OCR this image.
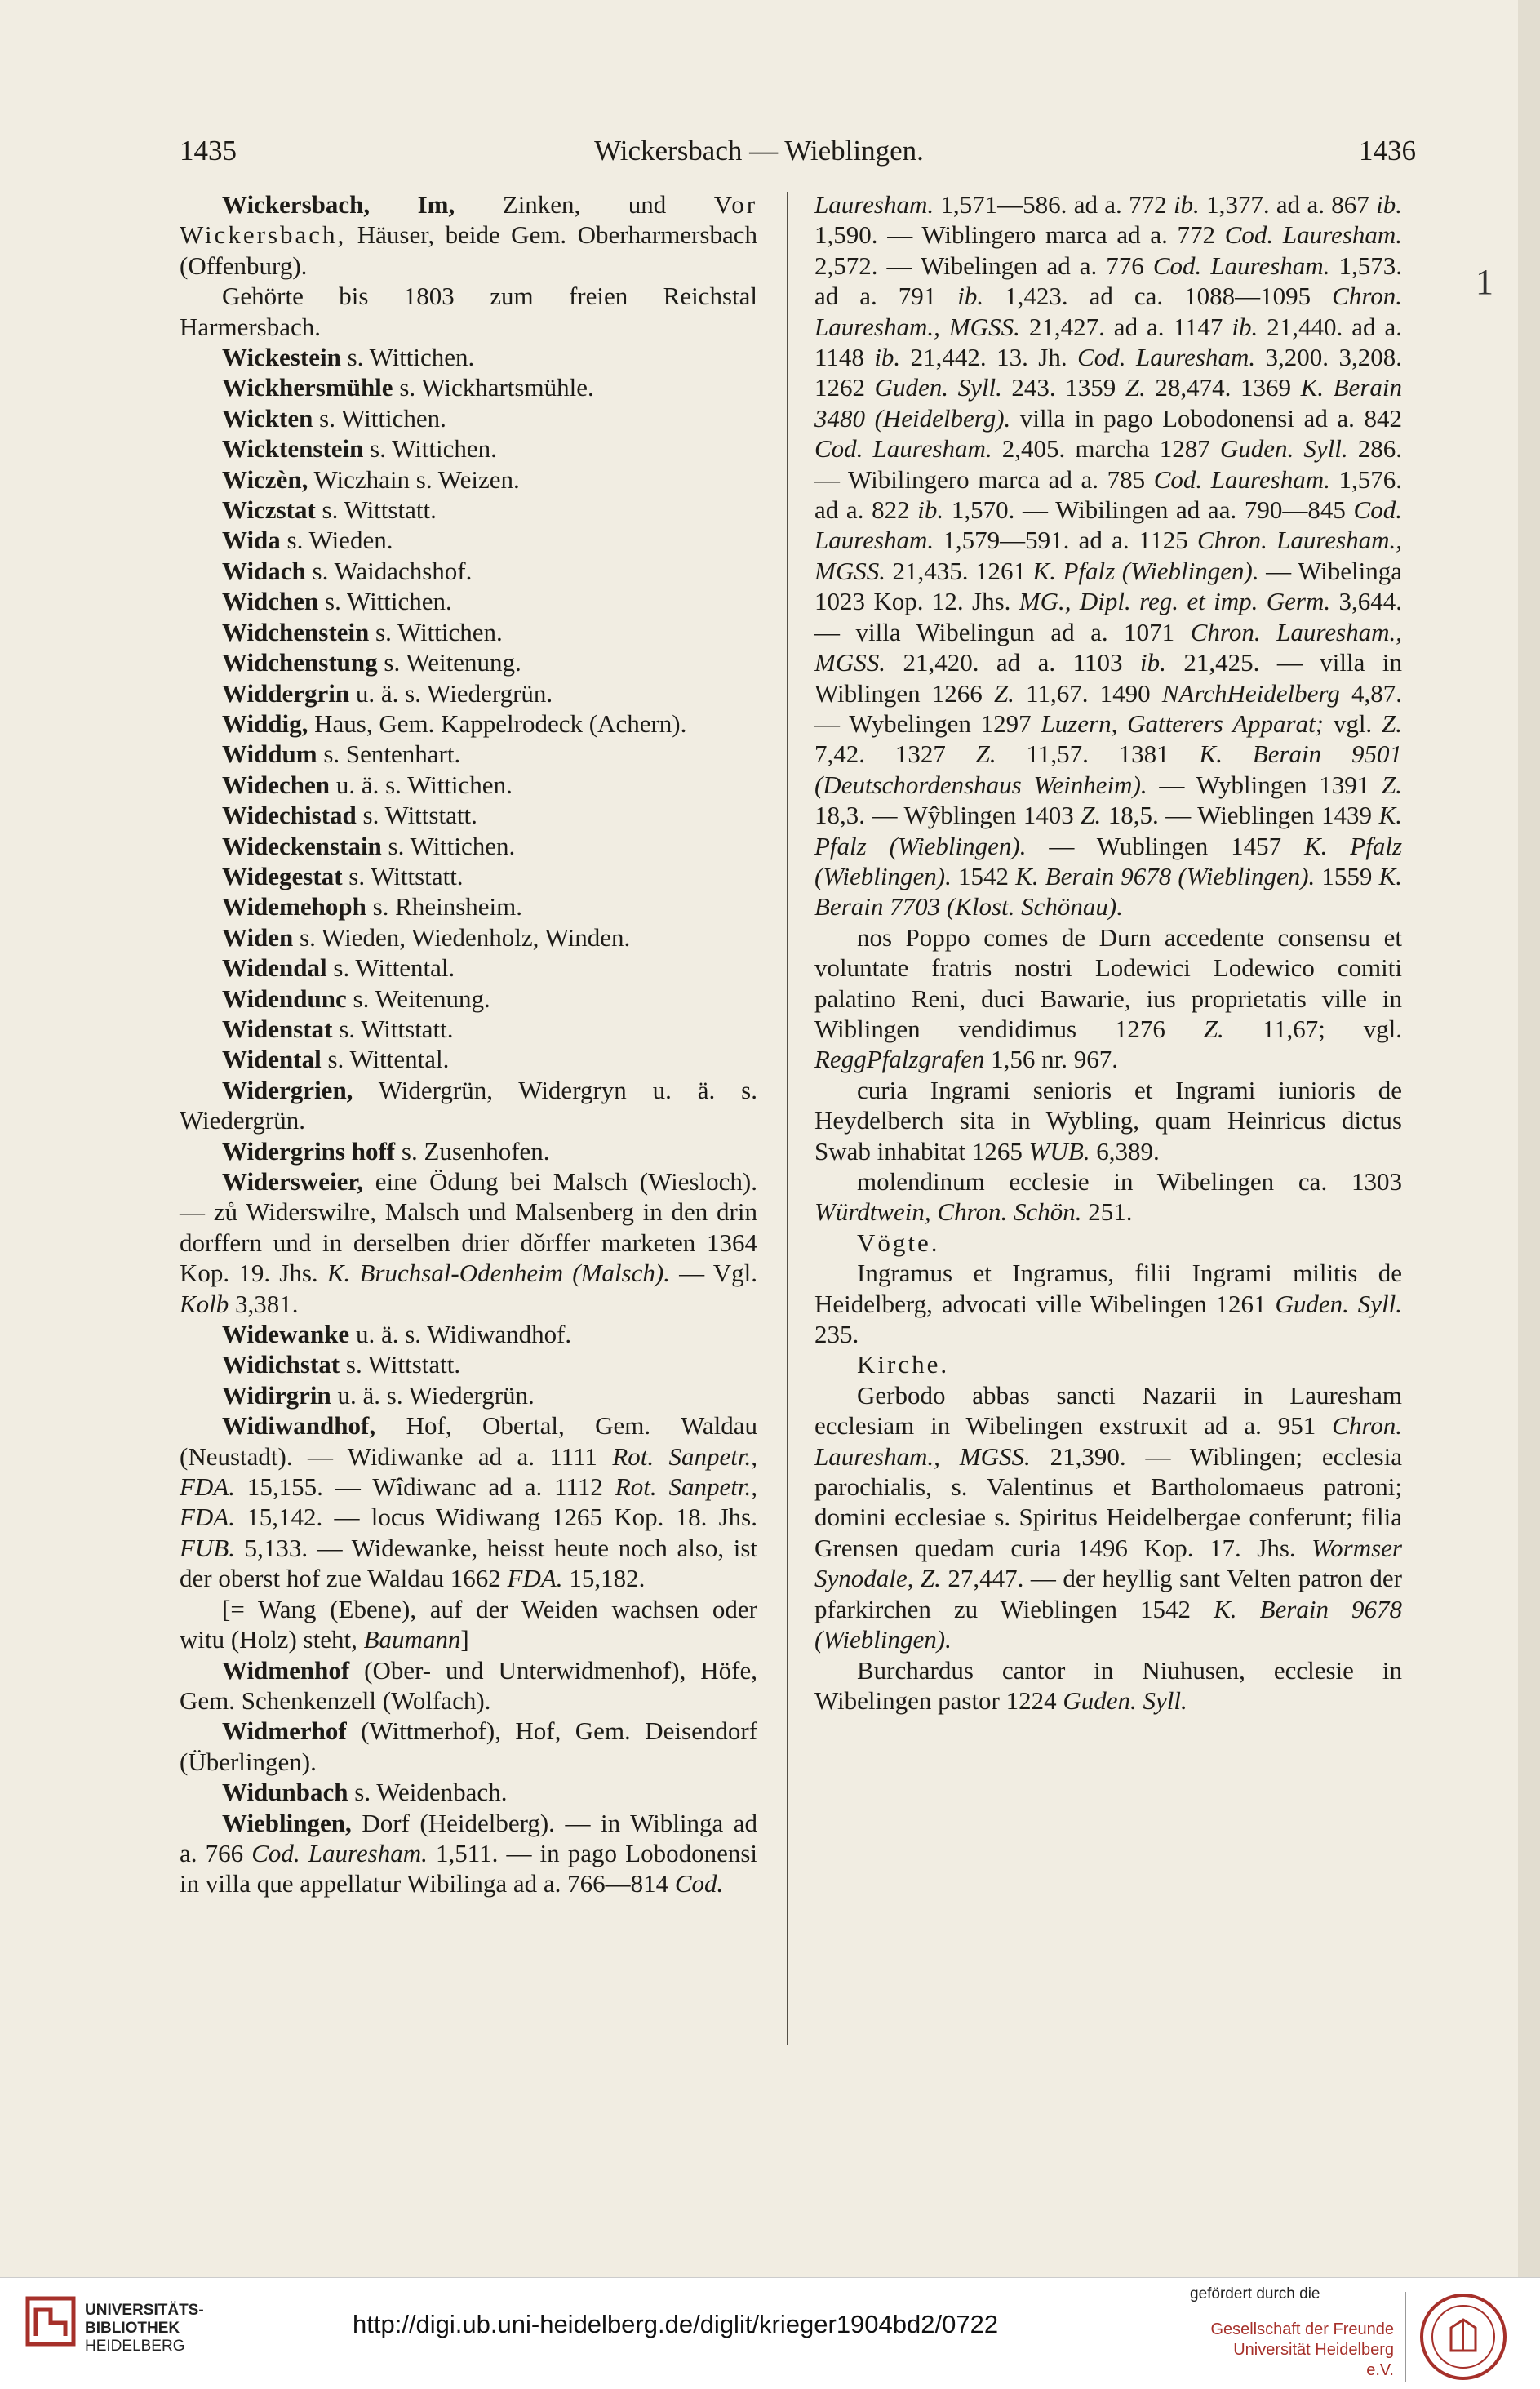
1435	Wickersbach — Wieblingen.	1436

Wickersbach, Im, Zinken, und Vor Wickersbach, Häuser, beide Gem. Oberharmersbach (Offenburg).

Gehörte bis 1803 zum freien Reichstal Harmersbach.

Wickestein s. Wittichen.

Wickhersmühle s. Wickhartsmühle.

Wickten s. Wittichen.

Wicktenstein s. Wittichen.

Wiczèn, Wiczhain s. Weizen.

Wiczstat s. Wittstatt.

Wida s. Wieden.

Widach s. Waidachshof.

Widchen s. Wittichen.

Widchenstein s. Wittichen.

Widchenstung s. Weitenung.

Widdergrin u. ä. s. Wiedergrün.

Widdig, Haus, Gem. Kappelrodeck (Achern).

Widdum s. Sentenhart.

Widechen u. ä. s. Wittichen.

Widechistad s. Wittstatt.

Wideckenstain s. Wittichen.

Widegestat s. Wittstatt.

Widemehoph s. Rheinsheim.

Widen s. Wieden, Wiedenholz, Winden.

Widendal s. Wittental.

Widendunc s. Weitenung.

Widenstat s. Wittstatt.

Widental s. Wittental.

Widergrien, Widergrün, Widergryn u. ä. s. Wiedergrün.

Widergrins hoff s. Zusenhofen.

Widersweier, eine Ödung bei Malsch (Wiesloch). — zů Widerswilre, Malsch und Malsenberg in den drin dorffern und in derselben drier dǒrffer marketen 1364 Kop. 19. Jhs. K. Bruchsal-Odenheim (Malsch). — Vgl. Kolb 3,381.

Widewanke u. ä. s. Widiwandhof.

Widichstat s. Wittstatt.

Widirgrin u. ä. s. Wiedergrün.

Widiwandhof, Hof, Obertal, Gem. Waldau (Neustadt). — Widiwanke ad a. 1111 Rot. Sanpetr., FDA. 15,155. — Wîdiwanc ad a. 1112 Rot. Sanpetr., FDA. 15,142. — locus Widiwang 1265 Kop. 18. Jhs. FUB. 5,133. — Widewanke, heisst heute noch also, ist der oberst hof zue Waldau 1662 FDA. 15,182.

[= Wang (Ebene), auf der Weiden wachsen oder witu (Holz) steht, Baumann]

Widmenhof (Ober- und Unterwidmenhof), Höfe, Gem. Schenkenzell (Wolfach).

Widmerhof (Wittmerhof), Hof, Gem. Deisendorf (Überlingen).

Widunbach s. Weidenbach.

Wieblingen, Dorf (Heidelberg). — in Wiblinga ad a. 766 Cod. Laureshаm. 1,511. — in pago Lobodonensi in villa que appellatur Wibilinga ad a. 766—814 Cod.

Laureshаm. 1,571—586. ad a. 772 ib. 1,377. ad a. 867 ib. 1,590. — Wiblingero marca ad a. 772 Cod. Laureshаm. 2,572. — Wibelingen ad a. 776 Cod. Laureshаm. 1,573. ad a. 791 ib. 1,423. ad ca. 1088—1095 Chron. Laureshаm., MGSS. 21,427. ad a. 1147 ib. 21,440. ad a. 1148 ib. 21,442. 13. Jh. Cod. Laureshаm. 3,200. 3,208. 1262 Guden. Syll. 243. 1359 Z. 28,474. 1369 K. Berain 3480 (Heidelberg). villa in pago Lobodonensi ad a. 842 Cod. Laureshаm. 2,405. marcha 1287 Guden. Syll. 286. — Wibilingero marca ad a. 785 Cod. Laureshаm. 1,576. ad a. 822 ib. 1,570. — Wibilingen ad aa. 790—845 Cod. Laureshаm. 1,579—591. ad a. 1125 Chron. Laureshаm., MGSS. 21,435. 1261 K. Pfalz (Wieblingen). — Wibelinga 1023 Kop. 12. Jhs. MG., Dipl. reg. et imp. Germ. 3,644. — villa Wibelingun ad a. 1071 Chron. Laureshаm., MGSS. 21,420. ad a. 1103 ib. 21,425. — villa in Wiblingen 1266 Z. 11,67. 1490 NArchHeidelberg 4,87. — Wybelingen 1297 Luzern, Gatterers Apparat; vgl. Z. 7,42. 1327 Z. 11,57. 1381 K. Berain 9501 (Deutschordenshaus Weinheim). — Wyblingen 1391 Z. 18,3. — Wŷblingen 1403 Z. 18,5. — Wieblingen 1439 K. Pfalz (Wieblingen). — Wublingen 1457 K. Pfalz (Wieblingen). 1542 K. Berain 9678 (Wieblingen). 1559 K. Berain 7703 (Klost. Schönau).

nos Poppo comes de Durn accedente consensu et voluntate fratris nostri Lodewici Lodewico comiti palatino Reni, duci Bawarie, ius proprietatis ville in Wiblingen vendidimus 1276 Z. 11,67; vgl. ReggPfalzgrafen 1,56 nr. 967.

curia Ingrami senioris et Ingrami iunioris de Heydelberch sita in Wybling, quam Heinricus dictus Swab inhabitat 1265 WUB. 6,389.

molendinum ecclesie in Wibelingen ca. 1303 Würdtwein, Chron. Schön. 251.

Vögte.

Ingramus et Ingramus, filii Ingrami militis de Heidelberg, advocati ville Wibelingen 1261 Guden. Syll. 235.

Kirche.

Gerbodo abbas sancti Nazarii in Laureshаm ecclesiam in Wibelingen exstruxit ad a. 951 Chron. Laureshаm., MGSS. 21,390. — Wiblingen; ecclesia parochialis, s. Valentinus et Bartholomaeus patroni; domini ecclesiae s. Spiritus Heidelbergae conferunt; filia Grensen quedam curia 1496 Kop. 17. Jhs. Wormser Synodale, Z. 27,447. — der heyllig sant Velten patron der pfarkirchen zu Wieblingen 1542 K. Berain 9678 (Wieblingen).

Burchardus cantor in Niuhusen, ecclesie in Wibelingen pastor 1224 Guden. Syll.

1
UNIVERSITÄTS-
BIBLIOTHEK
HEIDELBERG
http://digi.ub.uni-heidelberg.de/diglit/krieger1904bd2/0722
gefördert durch die
Gesellschaft der Freunde
Universität Heidelberg e.V.
